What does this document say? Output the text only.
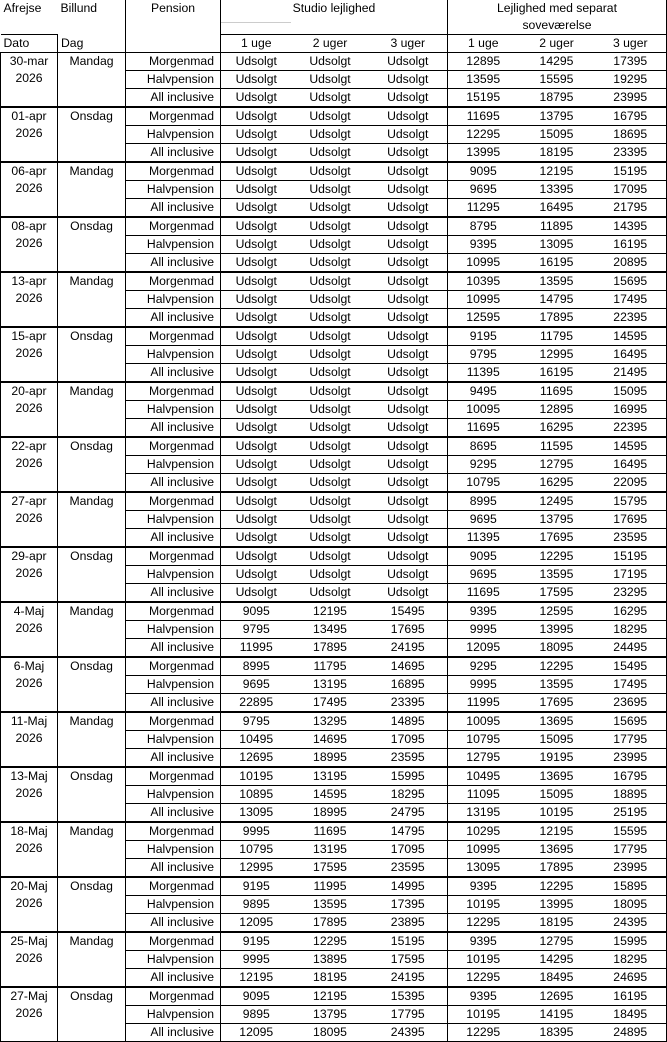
Afrejse	Billund	Pension	Studio lejlighed			Lejlighed med separat		
						soveværelse		
Dato	Dag		1 uge	2 uger	3 uger	1 uge	2 uger	3 uger

30-mar
2026	Mandag	Morgenmad	Udsolgt	Udsolgt	Udsolgt	12895	14295	17395
		Halvpension	Udsolgt	Udsolgt	Udsolgt	13595	15595	19295
		All inclusive	Udsolgt	Udsolgt	Udsolgt	15195	18795	23995

01-apr
2026	Onsdag	Morgenmad	Udsolgt	Udsolgt	Udsolgt	11695	13795	16795
		Halvpension	Udsolgt	Udsolgt	Udsolgt	12295	15095	18695
		All inclusive	Udsolgt	Udsolgt	Udsolgt	13995	18195	23395

06-apr
2026	Mandag	Morgenmad	Udsolgt	Udsolgt	Udsolgt	9095	12195	15195
		Halvpension	Udsolgt	Udsolgt	Udsolgt	9695	13395	17095
		All inclusive	Udsolgt	Udsolgt	Udsolgt	11295	16495	21795

08-apr
2026	Onsdag	Morgenmad	Udsolgt	Udsolgt	Udsolgt	8795	11895	14395
		Halvpension	Udsolgt	Udsolgt	Udsolgt	9395	13095	16195
		All inclusive	Udsolgt	Udsolgt	Udsolgt	10995	16195	20895

13-apr
2026	Mandag	Morgenmad	Udsolgt	Udsolgt	Udsolgt	10395	13595	15695
		Halvpension	Udsolgt	Udsolgt	Udsolgt	10995	14795	17495
		All inclusive	Udsolgt	Udsolgt	Udsolgt	12595	17895	22395

15-apr
2026	Onsdag	Morgenmad	Udsolgt	Udsolgt	Udsolgt	9195	11795	14595
		Halvpension	Udsolgt	Udsolgt	Udsolgt	9795	12995	16495
		All inclusive	Udsolgt	Udsolgt	Udsolgt	11395	16195	21495

20-apr
2026	Mandag	Morgenmad	Udsolgt	Udsolgt	Udsolgt	9495	11695	15095
		Halvpension	Udsolgt	Udsolgt	Udsolgt	10095	12895	16995
		All inclusive	Udsolgt	Udsolgt	Udsolgt	11695	16295	22395

22-apr
2026	Onsdag	Morgenmad	Udsolgt	Udsolgt	Udsolgt	8695	11595	14595
		Halvpension	Udsolgt	Udsolgt	Udsolgt	9295	12795	16495
		All inclusive	Udsolgt	Udsolgt	Udsolgt	10795	16295	22095

27-apr
2026	Mandag	Morgenmad	Udsolgt	Udsolgt	Udsolgt	8995	12495	15795
		Halvpension	Udsolgt	Udsolgt	Udsolgt	9695	13795	17695
		All inclusive	Udsolgt	Udsolgt	Udsolgt	11395	17695	23595

29-apr
2026	Onsdag	Morgenmad	Udsolgt	Udsolgt	Udsolgt	9095	12295	15195
		Halvpension	Udsolgt	Udsolgt	Udsolgt	9695	13595	17195
		All inclusive	Udsolgt	Udsolgt	Udsolgt	11695	17595	23295

4-Maj
2026	Mandag	Morgenmad	9095	12195	15495	9395	12595	16295
		Halvpension	9795	13495	17695	9995	13995	18295
		All inclusive	11995	17895	24195	12095	18095	24495

6-Maj
2026	Onsdag	Morgenmad	8995	11795	14695	9295	12295	15495
		Halvpension	9695	13195	16895	9995	13595	17495
		All inclusive	22895	17495	23395	11995	17695	23695

11-Maj
2026	Mandag	Morgenmad	9795	13295	14895	10095	13695	15695
		Halvpension	10495	14695	17095	10795	15095	17795
		All inclusive	12695	18995	23595	12795	19195	23995

13-Maj
2026	Onsdag	Morgenmad	10195	13195	15995	10495	13695	16795
		Halvpension	10895	14595	18295	11095	15095	18895
		All inclusive	13095	18995	24795	13195	10195	25195

18-Maj
2026	Mandag	Morgenmad	9995	11695	14795	10295	12195	15595
		Halvpension	10795	13195	17095	10995	13695	17795
		All inclusive	12995	17595	23595	13095	17895	23995

20-Maj
2026	Onsdag	Morgenmad	9195	11995	14995	9395	12295	15895
		Halvpension	9895	13595	17395	10195	13995	18095
		All inclusive	12095	17895	23895	12295	18195	24395

25-Maj
2026	Mandag	Morgenmad	9195	12295	15195	9395	12795	15995
		Halvpension	9995	13895	17595	10195	14295	18295
		All inclusive	12195	18195	24195	12295	18495	24695

27-Maj
2026	Onsdag	Morgenmad	9095	12195	15395	9395	12695	16195
		Halvpension	9895	13795	17795	10195	14195	18495
		All inclusive	12095	18095	24395	12295	18395	24895
